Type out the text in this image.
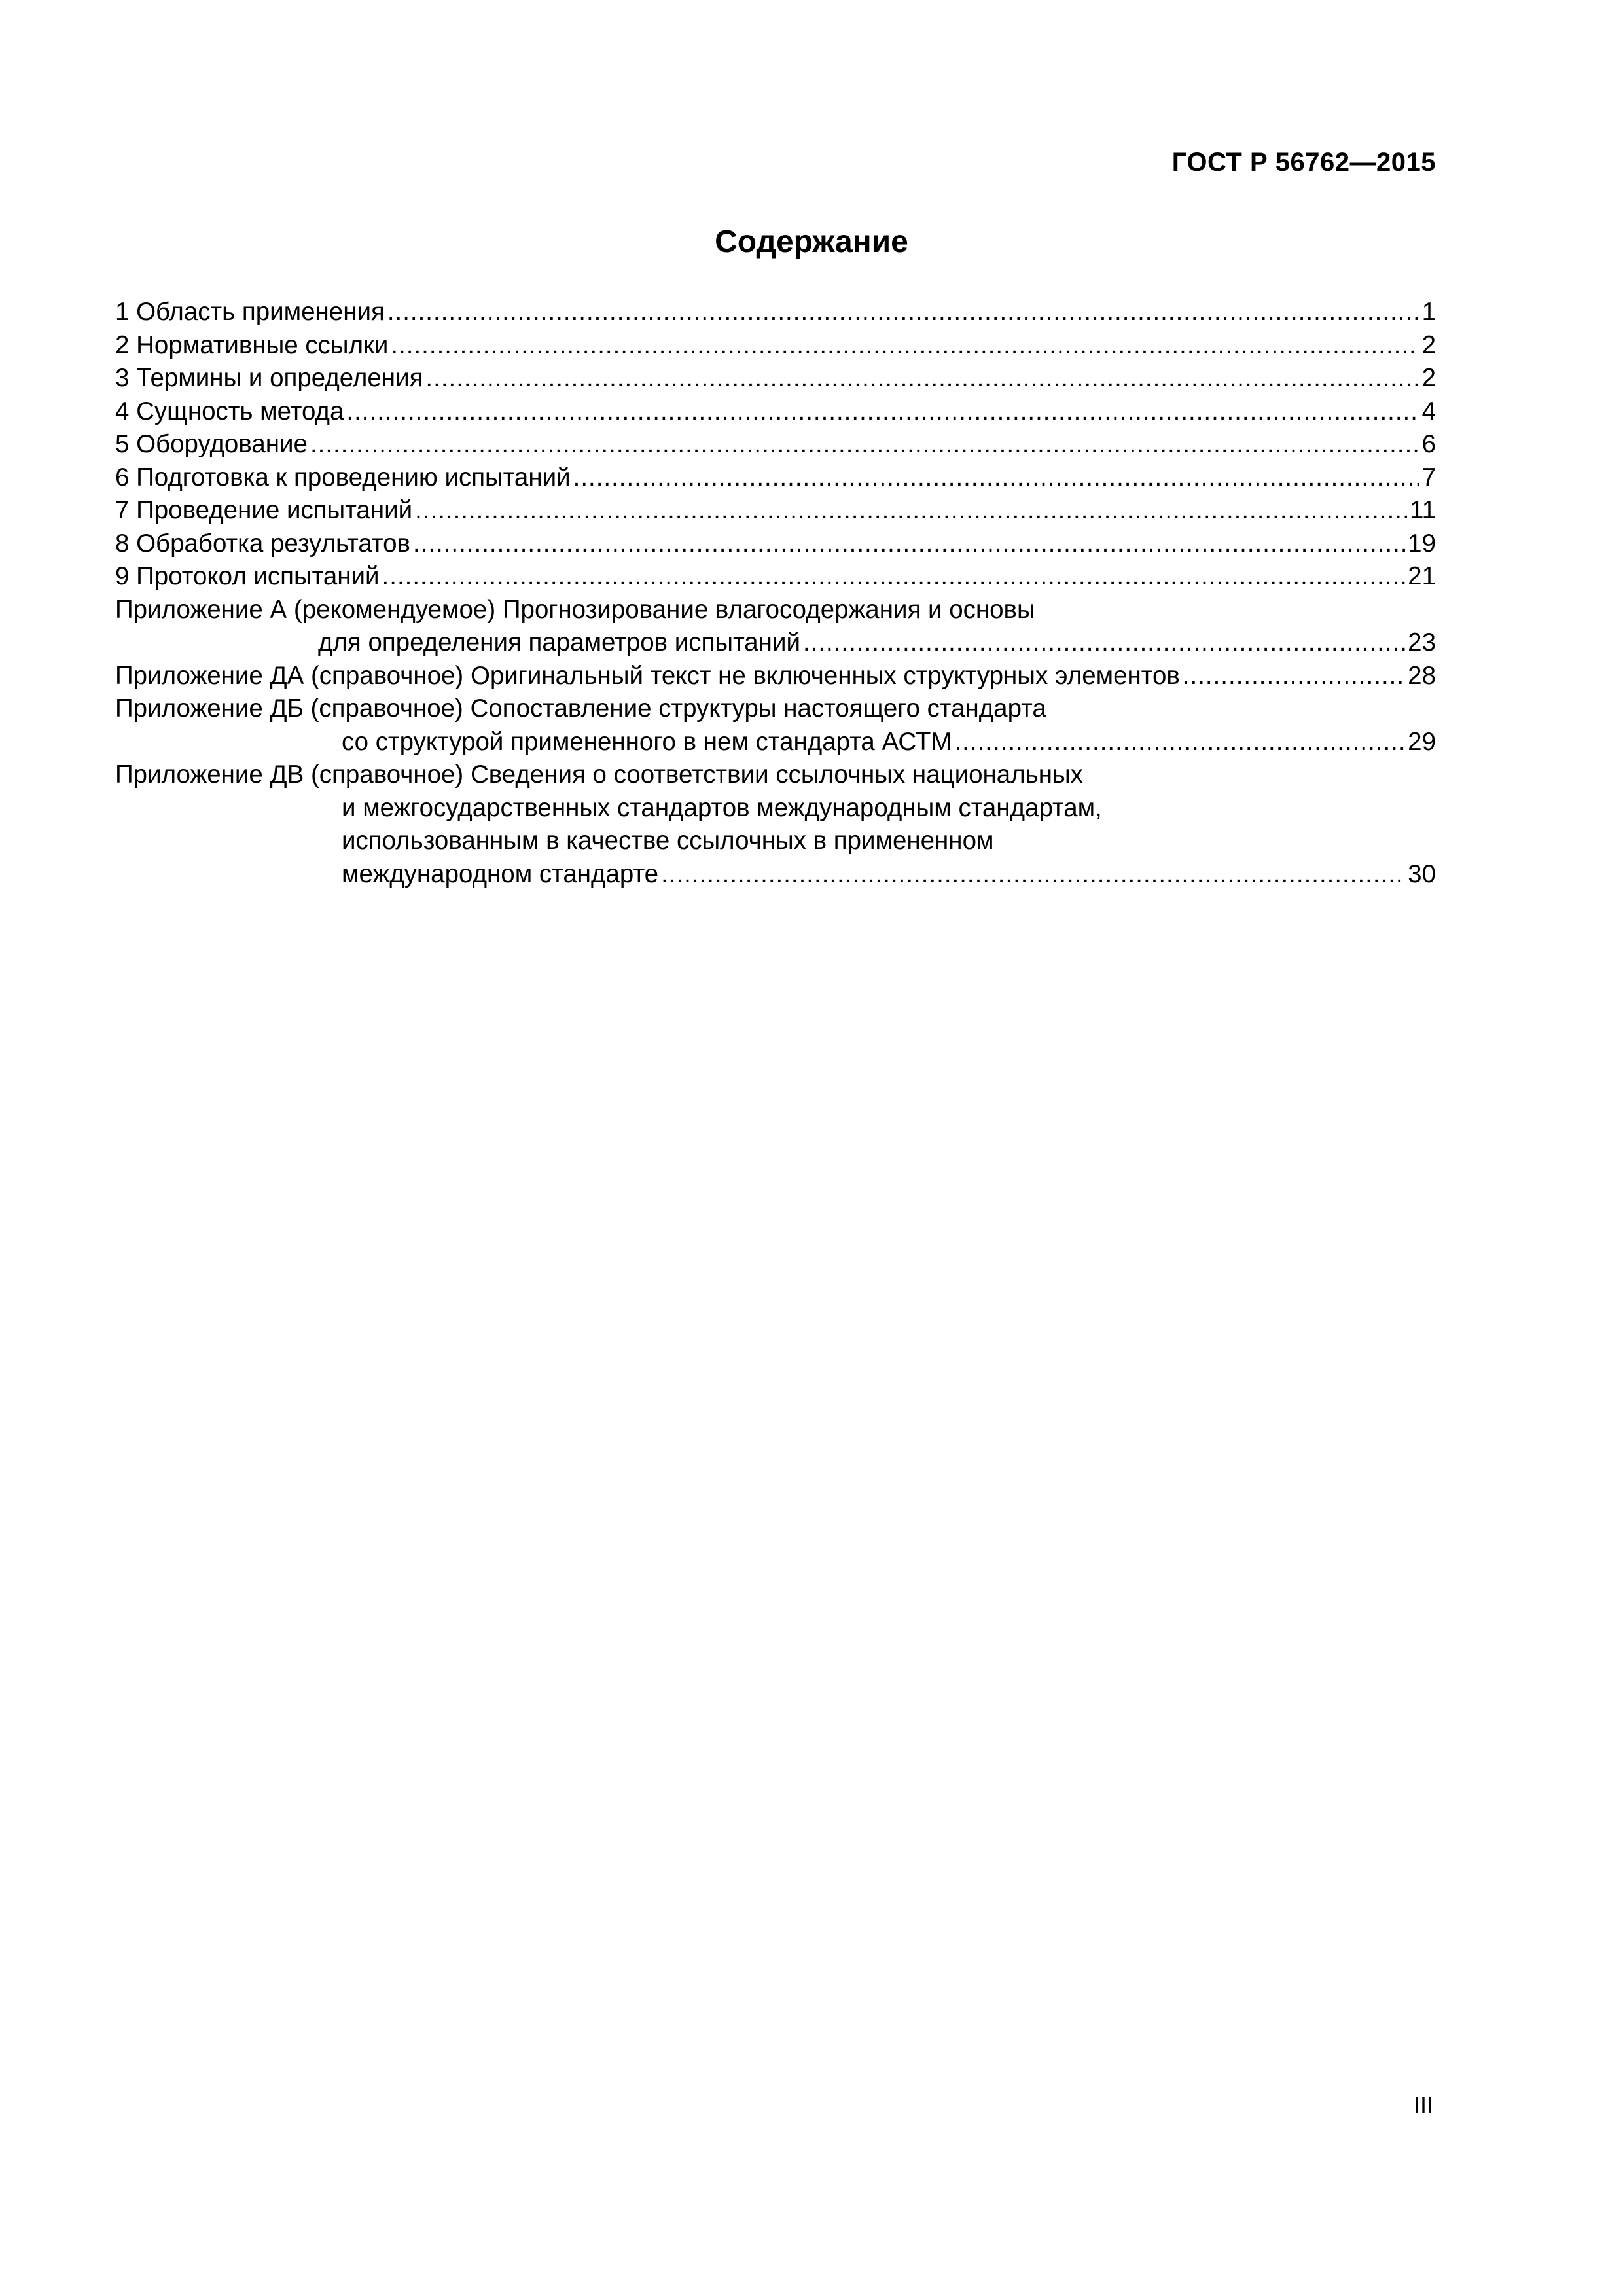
ГОСТ Р 56762—2015
Содержание
1 Область применения .....	1
2 Нормативные ссылки .....	2
3 Термины и определения .....	2
4 Сущность метода .....	4
5 Оборудование .....	6
6 Подготовка к проведению испытаний .....	7
7 Проведение испытаний .....	11
8 Обработка результатов .....	19
9 Протокол испытаний .....	21
Приложение А (рекомендуемое) Прогнозирование влагосодержания и основы
для определения параметров испытаний .....	23
Приложение ДА (справочное) Оригинальный текст не включенных структурных элементов .....	28
Приложение ДБ (справочное) Сопоставление структуры настоящего стандарта
со структурой примененного в нем стандарта АСТМ .....	29
Приложение ДВ (справочное) Сведения о соответствии ссылочных национальных
и межгосударственных стандартов международным стандартам,
использованным в качестве ссылочных в примененном
международном стандарте .....	30
III
